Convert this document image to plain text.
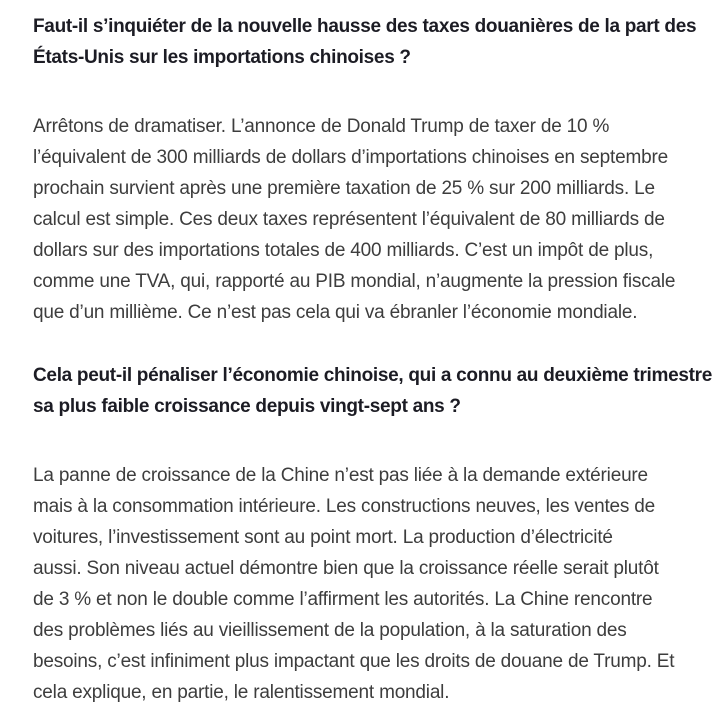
Faut-il s’inquiéter de la nouvelle hausse des taxes douanières de la part des
États-Unis sur les importations chinoises ?
Arrêtons de dramatiser. L’annonce de Donald Trump de taxer de 10 %
l’équivalent de 300 milliards de dollars d’importations chinoises en septembre
prochain survient après une première taxation de 25 % sur 200 milliards. Le
calcul est simple. Ces deux taxes représentent l’équivalent de 80 milliards de
dollars sur des importations totales de 400 milliards. C’est un impôt de plus,
comme une TVA, qui, rapporté au PIB mondial, n’augmente la pression fiscale
que d’un millième. Ce n’est pas cela qui va ébranler l’économie mondiale.
Cela peut-il pénaliser l’économie chinoise, qui a connu au deuxième trimestre
sa plus faible croissance depuis vingt-sept ans ?
La panne de croissance de la Chine n’est pas liée à la demande extérieure
mais à la consommation intérieure. Les constructions neuves, les ventes de
voitures, l’investissement sont au point mort. La production d’électricité
aussi. Son niveau actuel démontre bien que la croissance réelle serait plutôt
de 3 % et non le double comme l’affirment les autorités. La Chine rencontre
des problèmes liés au vieillissement de la population, à la saturation des
besoins, c’est infiniment plus impactant que les droits de douane de Trump. Et
cela explique, en partie, le ralentissement mondial.
